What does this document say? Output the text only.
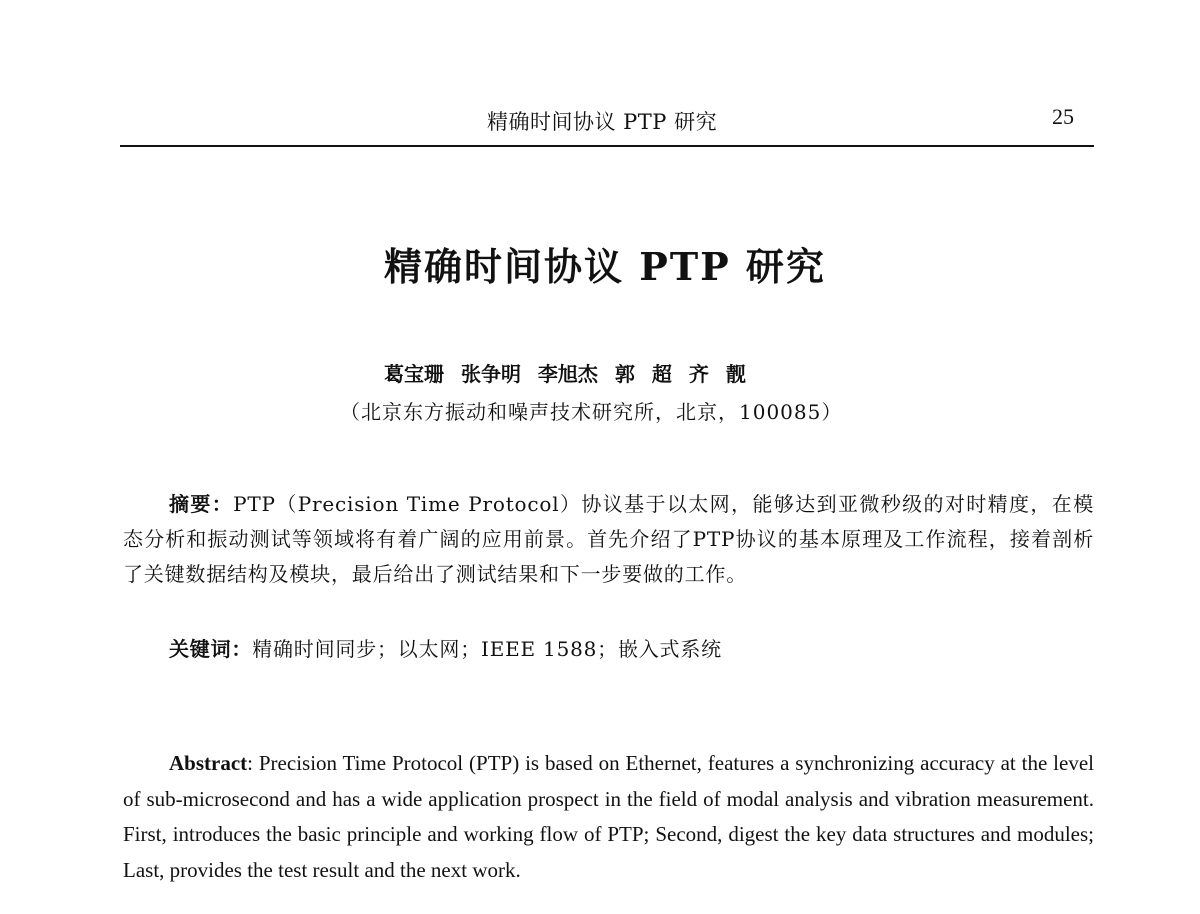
精确时间协议 PTP 研究	25
精确时间协议 PTP 研究
葛宝珊 张争明 李旭杰 郭 超 齐 靓
（北京东方振动和噪声技术研究所，北京，100085）

摘要：PTP（Precision Time Protocol）协议基于以太网，能够达到亚微秒级的对时精度，在模态分析和振动测试等领域将有着广阔的应用前景。首先介绍了PTP协议的基本原理及工作流程，接着剖析了关键数据结构及模块，最后给出了测试结果和下一步要做的工作。

关键词：精确时间同步；以太网；IEEE 1588；嵌入式系统

Abstract: Precision Time Protocol (PTP) is based on Ethernet, features a synchronizing accuracy at the level of sub-microsecond and has a wide application prospect in the field of modal analysis and vibration measurement. First, introduces the basic principle and working flow of PTP; Second, digest the key data structures and modules; Last, provides the test result and the next work.
